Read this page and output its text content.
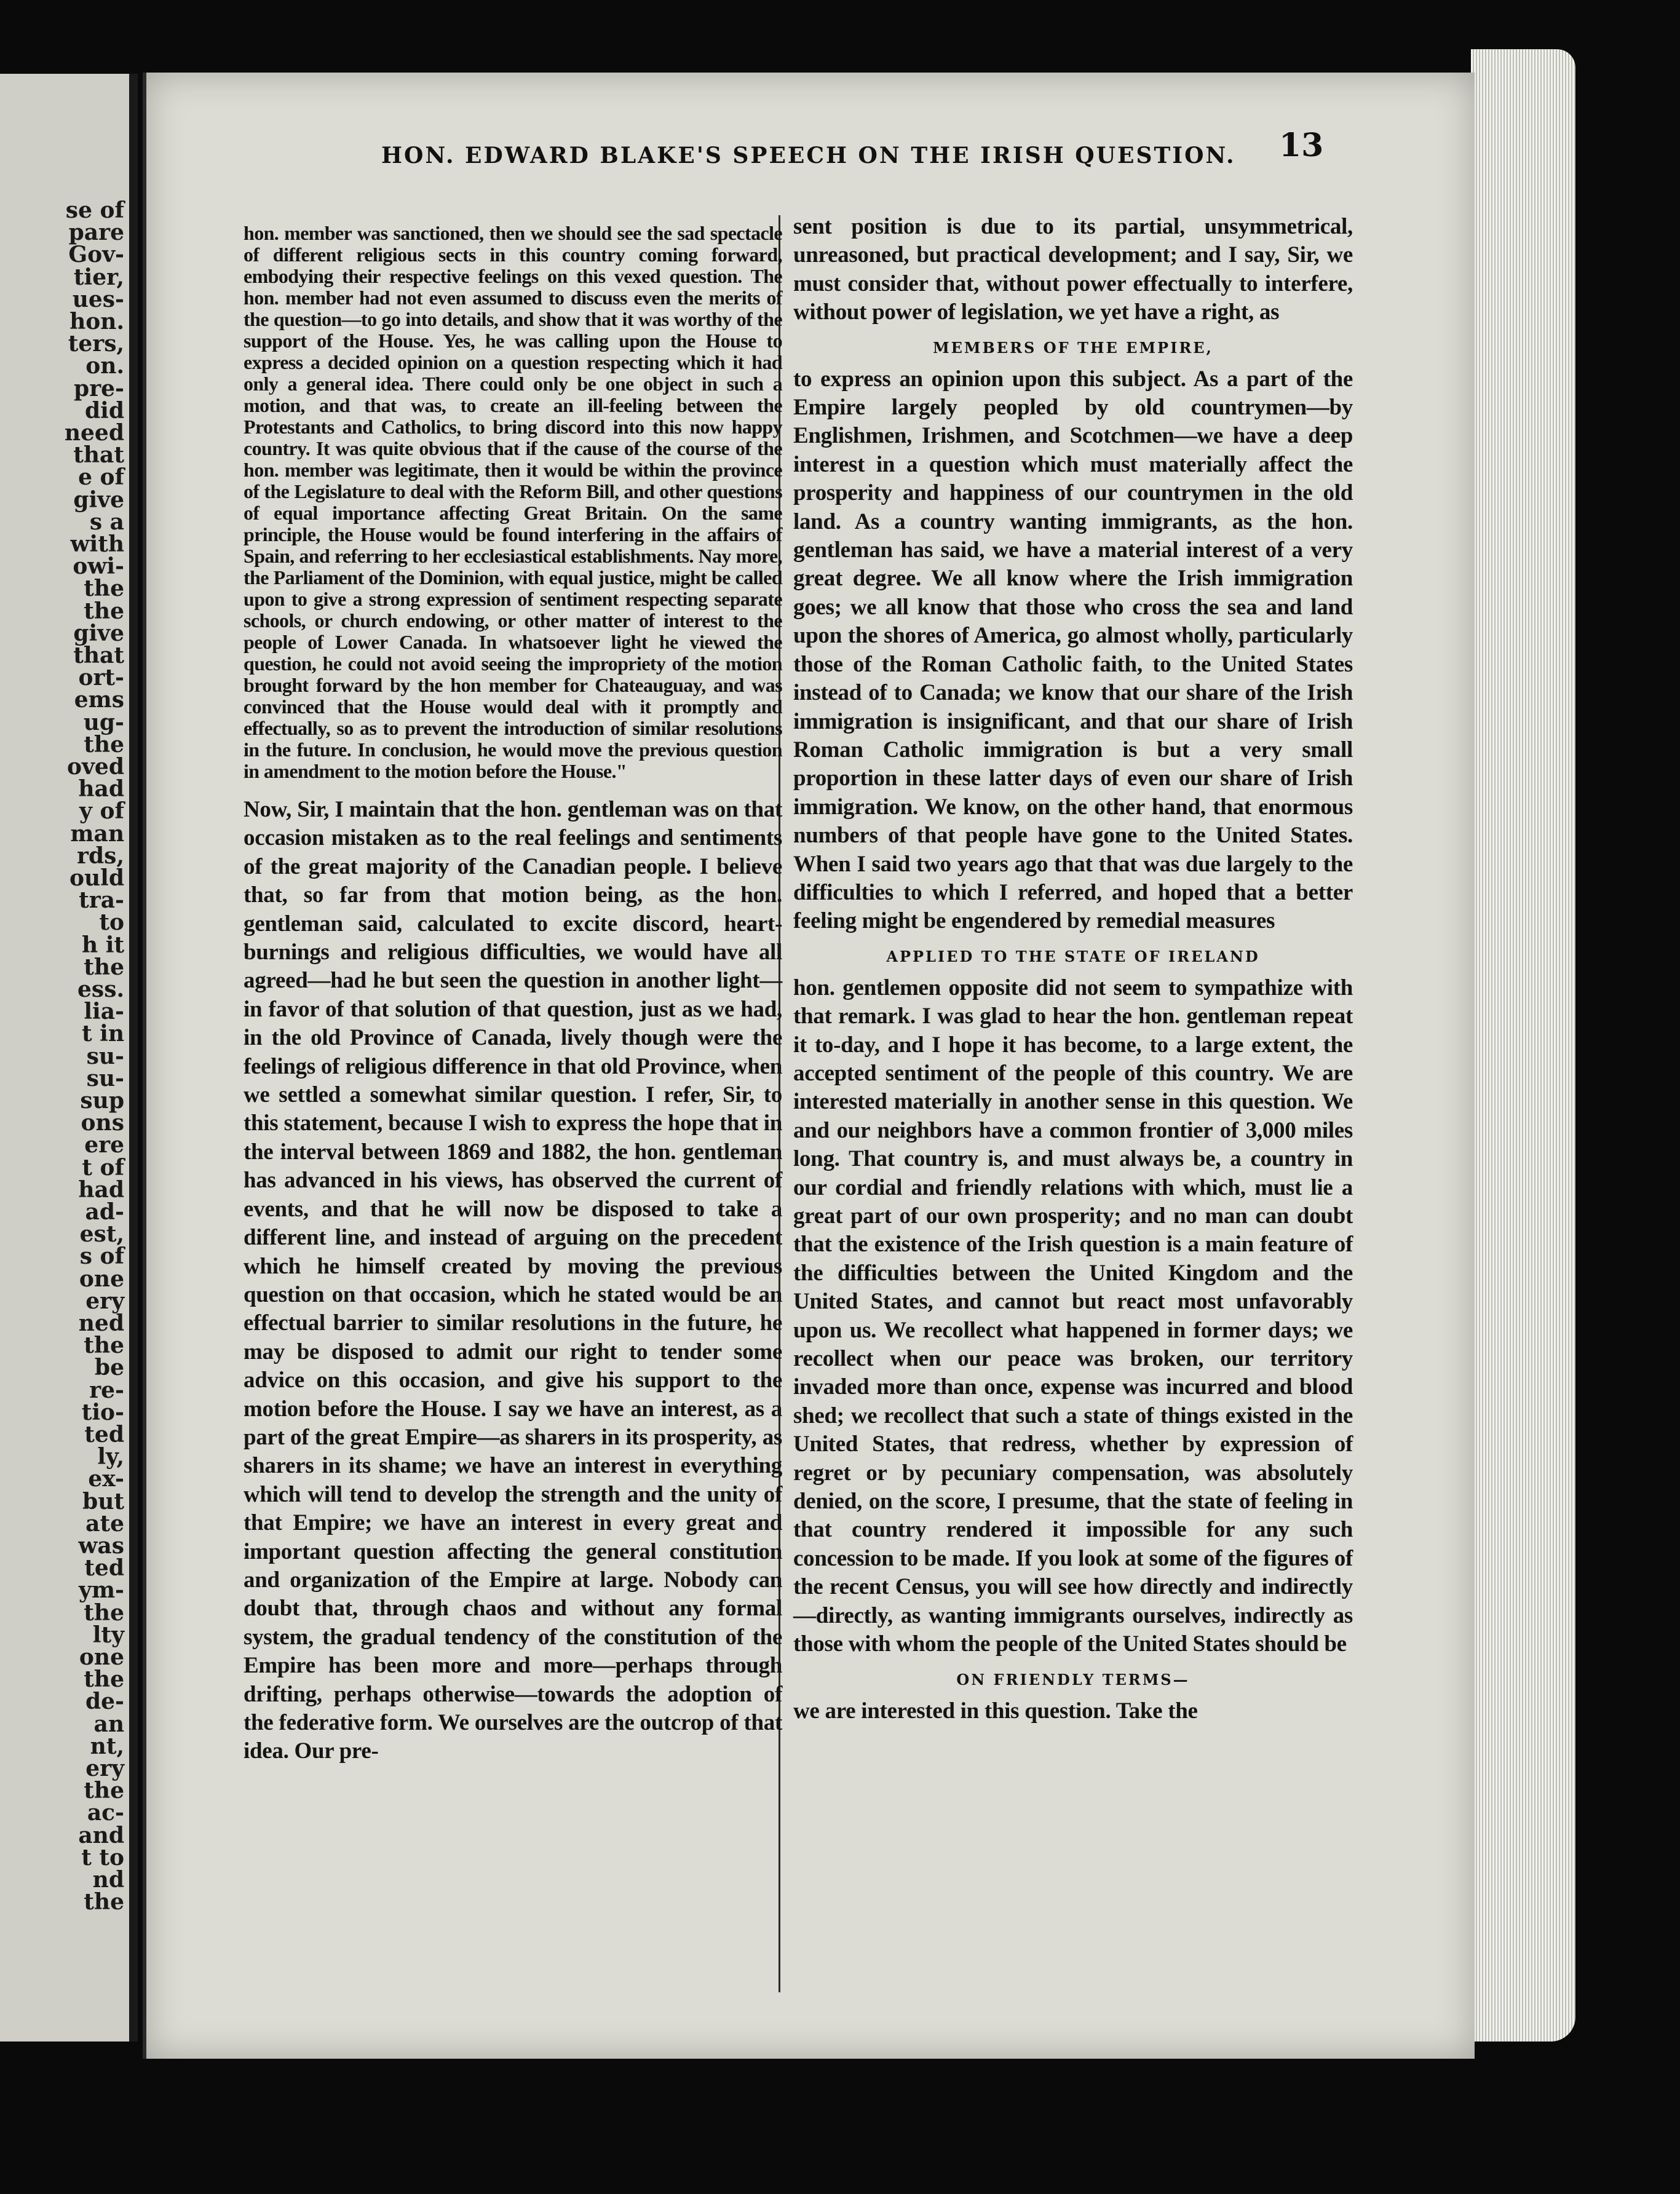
se of
pare
Gov-
tier,
ues-
hon.
ters,
on.
pre-
did
need
that
e of
give
s a
with
owi-
the
the
give
that
ort-
ems
ug-
the
oved
had
y of
man
rds,
ould
tra-
to
h it
the
ess.
lia-
t in
su-
su-
sup
ons
ere
t of
had
ad-
est,
s of
one
ery
ned
the
be
re-
tio-
ted
ly,
ex-
but
ate
was
ted
ym-
the
lty
one
the
de-
an
nt,
ery
the
ac-
and
t to
nd
the
HON. EDWARD BLAKE'S SPEECH ON THE IRISH QUESTION. 13

hon. member was sanctioned, then we should see the sad spectacle of different religious sects in this country coming forward, embodying their respective feelings on this vexed question. The hon. member had not even assumed to discuss even the merits of the question—to go into details, and show that it was worthy of the support of the House. Yes, he was calling upon the House to express a decided opinion on a question respecting which it had only a general idea. There could only be one object in such a motion, and that was, to create an ill-feeling between the Protestants and Catholics, to bring discord into this now happy country. It was quite obvious that if the cause of the course of the hon. member was legitimate, then it would be within the province of the Legislature to deal with the Reform Bill, and other questions of equal importance affecting Great Britain. On the same principle, the House would be found interfering in the affairs of Spain, and referring to her ecclesiastical establishments. Nay more, the Parliament of the Dominion, with equal justice, might be called upon to give a strong expression of sentiment respecting separate schools, or church endowing, or other matter of interest to the people of Lower Canada. In whatsoever light he viewed the question, he could not avoid seeing the impropriety of the motion brought forward by the hon member for Chateauguay, and was convinced that the House would deal with it promptly and effectually, so as to prevent the introduction of similar resolutions in the future. In conclusion, he would move the previous question in amendment to the motion before the House."

Now, Sir, I maintain that the hon. gentleman was on that occasion mistaken as to the real feelings and sentiments of the great majority of the Canadian people. I believe that, so far from that motion being, as the hon. gentleman said, calculated to excite discord, heart-burnings and religious difficulties, we would have all agreed—had he but seen the question in another light—in favor of that solution of that question, just as we had, in the old Province of Canada, lively though were the feelings of religious difference in that old Province, when we settled a somewhat similar question. I refer, Sir, to this statement, because I wish to express the hope that in the interval between 1869 and 1882, the hon. gentleman has advanced in his views, has observed the current of events, and that he will now be disposed to take a different line, and instead of arguing on the precedent which he himself created by moving the previous question on that occasion, which he stated would be an effectual barrier to similar resolutions in the future, he may be disposed to admit our right to tender some advice on this occasion, and give his support to the motion before the House. I say we have an interest, as a part of the great Empire—as sharers in its prosperity, as sharers in its shame; we have an interest in everything which will tend to develop the strength and the unity of that Empire; we have an interest in every great and important question affecting the general constitution and organization of the Empire at large. Nobody can doubt that, through chaos and without any formal system, the gradual tendency of the constitution of the Empire has been more and more—perhaps through drifting, perhaps otherwise—towards the adoption of the federative form. We ourselves are the outcrop of that idea. Our pre-

sent position is due to its partial, unsymmetrical, unreasoned, but practical development; and I say, Sir, we must consider that, without power effectually to interfere, without power of legislation, we yet have a right, as

MEMBERS OF THE EMPIRE,

to express an opinion upon this subject. As a part of the Empire largely peopled by old countrymen—by Englishmen, Irishmen, and Scotchmen—we have a deep interest in a question which must materially affect the prosperity and happiness of our countrymen in the old land. As a country wanting immigrants, as the hon. gentleman has said, we have a material interest of a very great degree. We all know where the Irish immigration goes; we all know that those who cross the sea and land upon the shores of America, go almost wholly, particularly those of the Roman Catholic faith, to the United States instead of to Canada; we know that our share of the Irish immigration is insignificant, and that our share of Irish Roman Catholic immigration is but a very small proportion in these latter days of even our share of Irish immigration. We know, on the other hand, that enormous numbers of that people have gone to the United States. When I said two years ago that that was due largely to the difficulties to which I referred, and hoped that a better feeling might be engendered by remedial measures

APPLIED TO THE STATE OF IRELAND

hon. gentlemen opposite did not seem to sympathize with that remark. I was glad to hear the hon. gentleman repeat it to-day, and I hope it has become, to a large extent, the accepted sentiment of the people of this country. We are interested materially in another sense in this question. We and our neighbors have a common frontier of 3,000 miles long. That country is, and must always be, a country in our cordial and friendly relations with which, must lie a great part of our own prosperity; and no man can doubt that the existence of the Irish question is a main feature of the difficulties between the United Kingdom and the United States, and cannot but react most unfavorably upon us. We recollect what happened in former days; we recollect when our peace was broken, our territory invaded more than once, expense was incurred and blood shed; we recollect that such a state of things existed in the United States, that redress, whether by expression of regret or by pecuniary compensation, was absolutely denied, on the score, I presume, that the state of feeling in that country rendered it impossible for any such concession to be made. If you look at some of the figures of the recent Census, you will see how directly and indirectly—directly, as wanting immigrants ourselves, indirectly as those with whom the people of the United States should be

ON FRIENDLY TERMS—

we are interested in this question. Take the
